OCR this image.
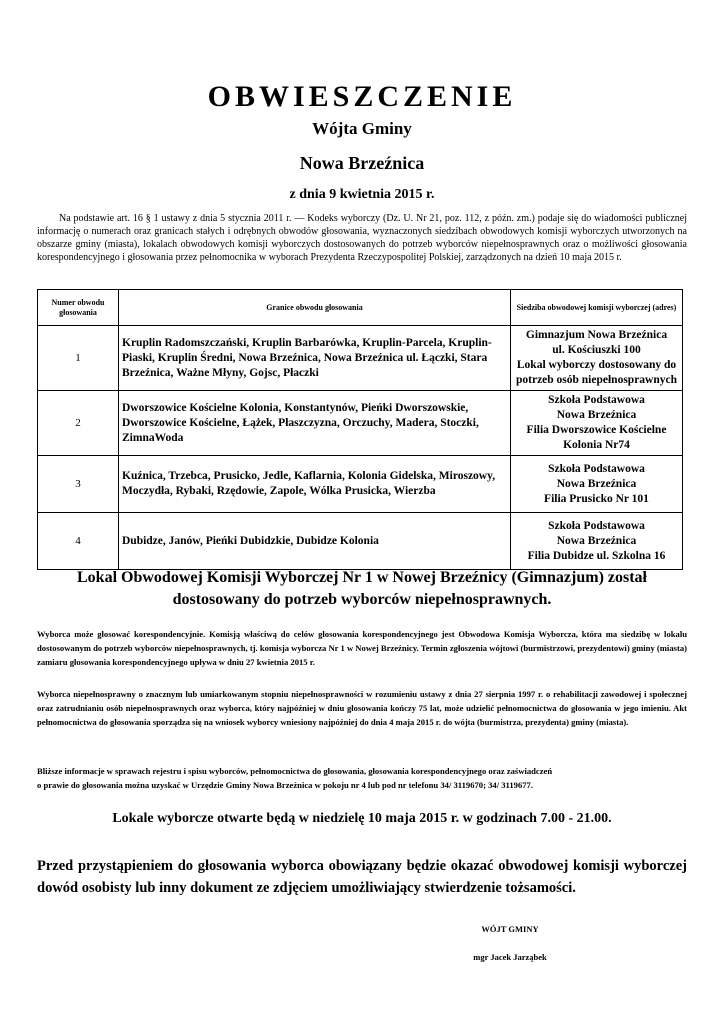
OBWIESZCZENIE
Wójta Gminy
Nowa Brzeźnica
z dnia 9 kwietnia 2015 r.
Na podstawie art. 16 § 1 ustawy z dnia 5 stycznia 2011 r. — Kodeks wyborczy (Dz. U. Nr 21, poz. 112, z późn. zm.) podaje się do wiadomości publicznej informację o numerach oraz granicach stałych i odrębnych obwodów głosowania, wyznaczonych siedzibach obwodowych komisji wyborczych utworzonych na obszarze gminy (miasta), lokalach obwodowych komisji wyborczych dostosowanych do potrzeb wyborców niepełnosprawnych oraz o możliwości głosowania korespondencyjnego i głosowania przez pełnomocnika w wyborach Prezydenta Rzeczypospolitej Polskiej, zarządzonych na dzień 10 maja 2015 r.
Numer obwodu głosowania	Granice obwodu głosowania	Siedziba obwodowej komisji wyborczej (adres)
1	Kruplin Radomszczański, Kruplin Barbarówka, Kruplin-Parcela, Kruplin-Piaski, Kruplin Średni, Nowa Brzeźnica, Nowa Brzeźnica ul. Łączki, Stara Brzeźnica, Ważne Młyny, Gojsc, Płaczki	Gimnazjum Nowa Brzeźnica
ul. Kościuszki 100
Lokal wyborczy dostosowany do
potrzeb osób niepełnosprawnych

2	Dworszowice Kościelne Kolonia, Konstantynów, Pieńki Dworszowskie, Dworszowice Kościelne, Łążek, Płaszczyzna, Orczuchy, Madera, Stoczki, ZimnaWoda	Szkoła Podstawowa
Nowa Brzeźnica
Filia Dworszowice Kościelne
Kolonia Nr74

3	Kuźnica, Trzebca, Prusicko, Jedle, Kaflarnia, Kolonia Gidelska, Miroszowy, Moczydła, Rybaki, Rzędowie, Zapole, Wólka Prusicka, Wierzba	Szkoła Podstawowa
Nowa Brzeźnica
Filia Prusicko Nr 101

4	Dubidze, Janów, Pieńki Dubidzkie, Dubidze Kolonia	Szkoła Podstawowa
Nowa Brzeźnica
Filia Dubidze ul. Szkolna 16
Lokal Obwodowej Komisji Wyborczej Nr 1 w Nowej Brzeźnicy (Gimnazjum) został dostosowany do potrzeb wyborców niepełnosprawnych.
Wyborca może głosować korespondencyjnie. Komisją właściwą do celów głosowania korespondencyjnego jest Obwodowa Komisja Wyborcza, która ma siedzibę w lokalu dostosowanym do potrzeb wyborców niepełnosprawnych, tj. komisja wyborcza Nr 1 w Nowej Brzeźnicy. Termin zgłoszenia wójtowi (burmistrzowi, prezydentowi) gminy (miasta) zamiaru głosowania korespondencyjnego upływa w dniu 27 kwietnia 2015 r.
Wyborca niepełnosprawny o znacznym lub umiarkowanym stopniu niepełnosprawności w rozumieniu ustawy z dnia 27 sierpnia 1997 r. o rehabilitacji zawodowej i społecznej oraz zatrudnianiu osób niepełnosprawnych oraz wyborca, który najpóźniej w dniu głosowania kończy 75 lat, może udzielić pełnomocnictwa do głosowania w jego imieniu. Akt pełnomocnictwa do głosowania sporządza się na wniosek wyborcy wniesiony najpóźniej do dnia 4 maja 2015 r. do wójta (burmistrza, prezydenta) gminy (miasta).
Bliższe informacje w sprawach rejestru i spisu wyborców, pełnomocnictwa do głosowania, głosowania korespondencyjnego oraz zaświadczeń
o prawie do głosowania można uzyskać w Urzędzie Gminy Nowa Brzeźnica w pokoju nr 4 lub pod nr telefonu 34/ 3119670; 34/ 3119677.
Lokale wyborcze otwarte będą w niedzielę 10 maja 2015 r. w godzinach 7.00 - 21.00.
Przed przystąpieniem do głosowania wyborca obowiązany będzie okazać obwodowej komisji wyborczej dowód osobisty lub inny dokument ze zdjęciem umożliwiający stwierdzenie tożsamości.
WÓJT GMINY
mgr Jacek Jarząbek
